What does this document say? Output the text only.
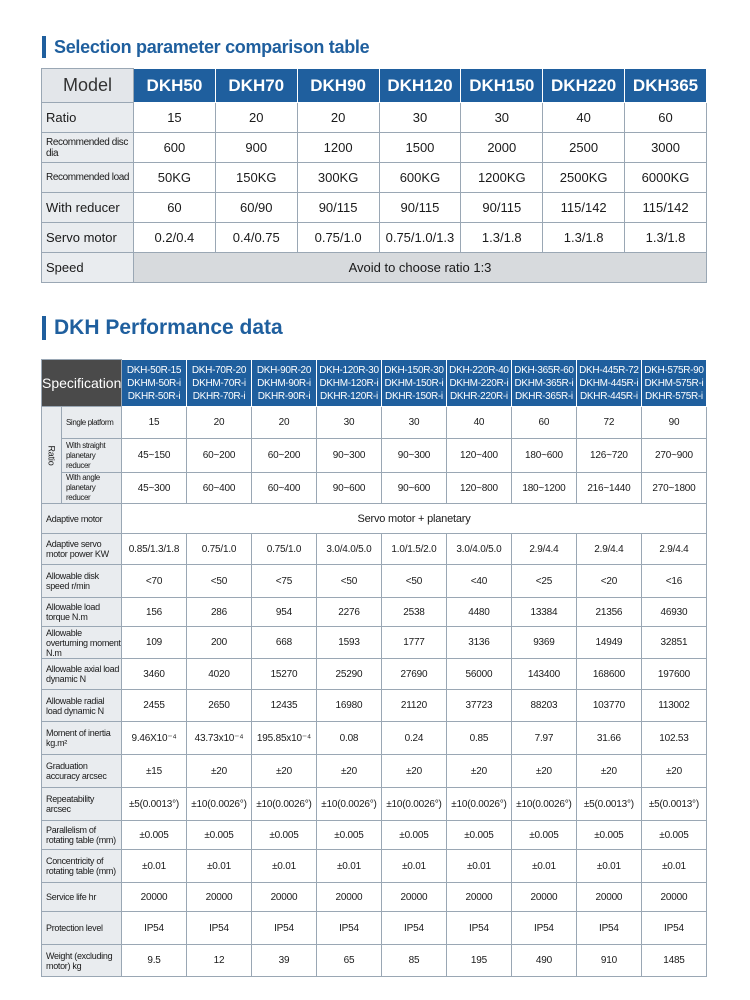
Selection parameter comparison table
Model	DKH50	DKH70	DKH90	DKH120	DKH150	DKH220	DKH365
Ratio	15	20	20	30	30	40	60
Recommended disc dia	600	900	1200	1500	2000	2500	3000
Recommended load	50KG	150KG	300KG	600KG	1200KG	2500KG	6000KG
With reducer	60	60/90	90/115	90/115	90/115	115/142	115/142
Servo motor	0.2/0.4	0.4/0.75	0.75/1.0	0.75/1.0/1.3	1.3/1.8	1.3/1.8	1.3/1.8
Speed	Avoid to choose ratio 1:3						
DKH Performance data
Specification		DKH-50R-15
DKHM-50R-i
DKHR-50R-i	DKH-70R-20
DKHM-70R-i
DKHR-70R-i	DKH-90R-20
DKHM-90R-i
DKHR-90R-i	DKH-120R-30
DKHM-120R-i
DKHR-120R-i	DKH-150R-30
DKHM-150R-i
DKHR-150R-i	DKH-220R-40
DKHM-220R-i
DKHR-220R-i	DKH-365R-60
DKHM-365R-i
DKHR-365R-i	DKH-445R-72
DKHM-445R-i
DKHR-445R-i	DKH-575R-90
DKHM-575R-i
DKHR-575R-i

Ratio	Single platform	15	20	20	30	30	40	60	72	90
	With straight planetary reducer	45~150	60~200	60~200	90~300	90~300	120~400	180~600	126~720	270~900
	With angle planetary reducer	45~300	60~400	60~400	90~600	90~600	120~800	180~1200	216~1440	270~1800
Adaptive motor		Servo motor + planetary								
Adaptive servo motor power KW		0.85/1.3/1.8	0.75/1.0	0.75/1.0	3.0/4.0/5.0	1.0/1.5/2.0	3.0/4.0/5.0	2.9/4.4	2.9/4.4	2.9/4.4
Allowable disk speed r/min		<70	<50	<75	<50	<50	<40	<25	<20	<16
Allowable load torque N.m		156	286	954	2276	2538	4480	13384	21356	46930
Allowable overturning moment N.m		109	200	668	1593	1777	3136	9369	14949	32851
Allowable axial load dynamic N		3460	4020	15270	25290	27690	56000	143400	168600	197600
Allowable radial load dynamic N		2455	2650	12435	16980	21120	37723	88203	103770	113002
Moment of inertia kg.m²		9.46X10⁻⁴	43.73x10⁻⁴	195.85x10⁻⁴	0.08	0.24	0.85	7.97	31.66	102.53
Graduation accuracy arcsec		±15	±20	±20	±20	±20	±20	±20	±20	±20
Repeatability arcsec		±5(0.0013°)	±10(0.0026°)	±10(0.0026°)	±10(0.0026°)	±10(0.0026°)	±10(0.0026°)	±10(0.0026°)	±5(0.0013°)	±5(0.0013°)
Parallelism of rotating table (mm)		±0.005	±0.005	±0.005	±0.005	±0.005	±0.005	±0.005	±0.005	±0.005
Concentricity of rotating table (mm)		±0.01	±0.01	±0.01	±0.01	±0.01	±0.01	±0.01	±0.01	±0.01
Service life hr		20000	20000	20000	20000	20000	20000	20000	20000	20000
Protection level		IP54	IP54	IP54	IP54	IP54	IP54	IP54	IP54	IP54
Weight (excluding motor) kg		9.5	12	39	65	85	195	490	910	1485
